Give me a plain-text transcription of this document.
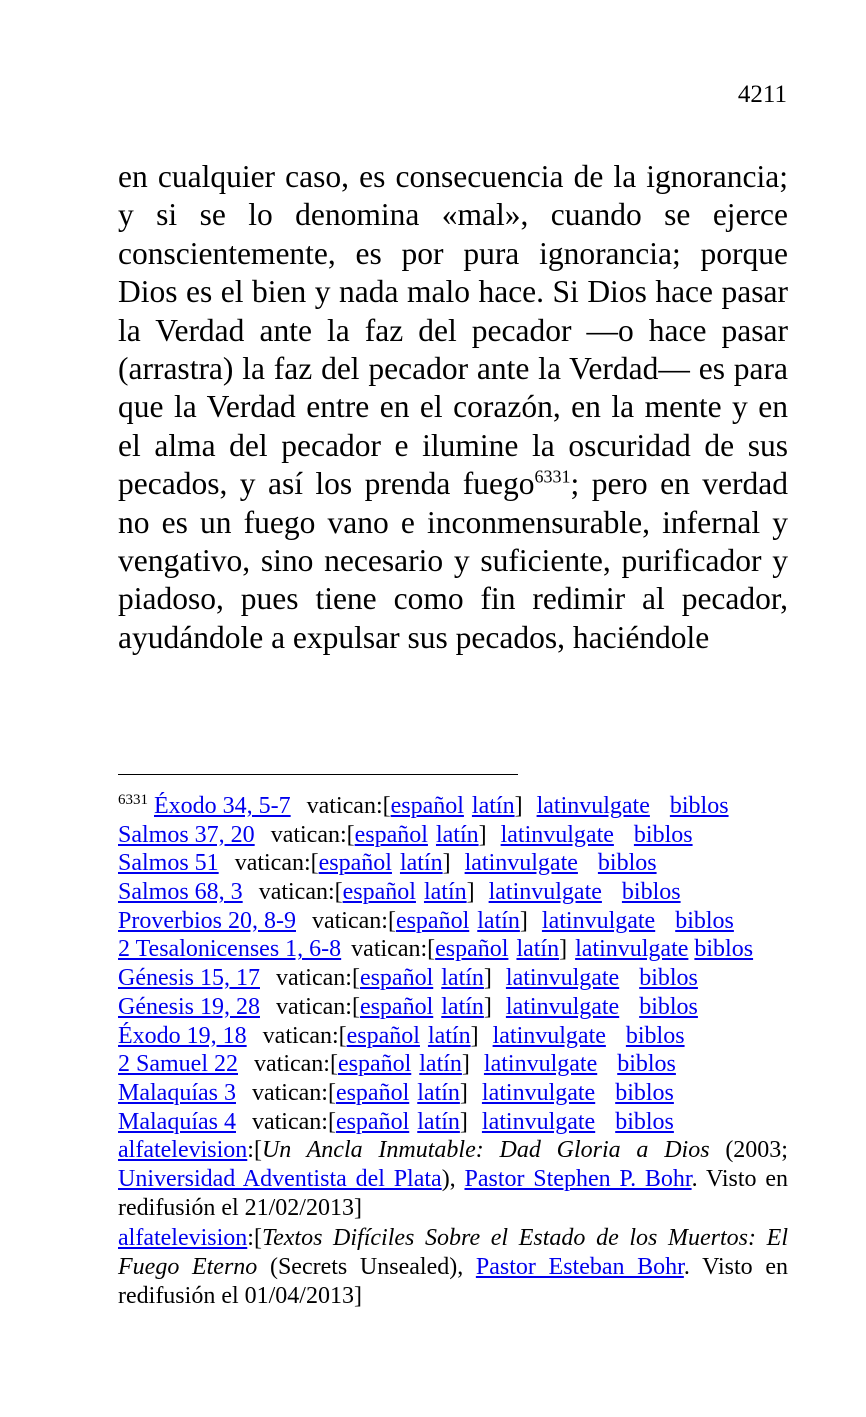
4211

en cualquier caso, es consecuencia de la ignorancia; y si se lo denomina «mal», cuando se ejerce conscientemente, es por pura ignorancia; porque Dios es el bien y nada malo hace. Si Dios hace pasar la Verdad ante la faz del pecador —o hace pasar (arrastra) la faz del pecador ante la Verdad— es para que la Verdad entre en el corazón, en la mente y en el alma del pecador e ilumine la oscuridad de sus pecados, y así los prenda fuego$^{6331}$; pero en verdad no es un fuego vano e inconmensurable, infernal y vengativo, sino necesario y suficiente, purificador y piadoso, pues tiene como fin redimir al pecador, ayudándole a expulsar sus pecados, haciéndole

$^{6331}$ Éxodo 34, 5-7 vatican:[español latín] latinvulgate biblos
Salmos 37, 20 vatican:[español latín] latinvulgate biblos
Salmos 51 vatican:[español latín] latinvulgate biblos
Salmos 68, 3 vatican:[español latín] latinvulgate biblos
Proverbios 20, 8-9 vatican:[español latín] latinvulgate biblos
2 Tesalonicenses 1, 6-8 vatican:[español latín] latinvulgate biblos
Génesis 15, 17 vatican:[español latín] latinvulgate biblos
Génesis 19, 28 vatican:[español latín] latinvulgate biblos
Éxodo 19, 18 vatican:[español latín] latinvulgate biblos
2 Samuel 22 vatican:[español latín] latinvulgate biblos
Malaquías 3 vatican:[español latín] latinvulgate biblos
Malaquías 4 vatican:[español latín] latinvulgate biblos
alfatelevision:[Un Ancla Inmutable: Dad Gloria a Dios (2003; Universidad Adventista del Plata), Pastor Stephen P. Bohr. Visto en redifusión el 21/02/2013]
alfatelevision:[Textos Difíciles Sobre el Estado de los Muertos: El Fuego Eterno (Secrets Unsealed), Pastor Esteban Bohr. Visto en redifusión el 01/04/2013]
